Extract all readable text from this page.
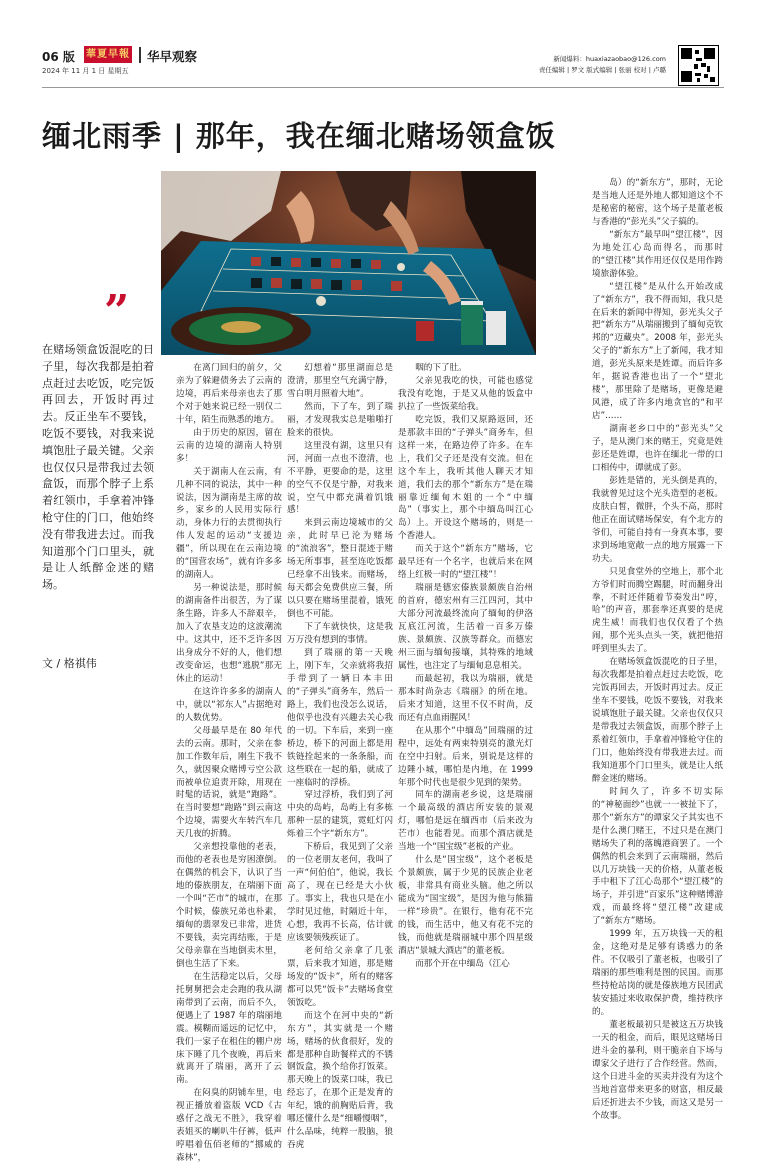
06 版 華夏早報 华早观察
2024 年 11 月 1 日 星期五
新闻爆料：huaxiazaobao@126.com
责任编辑 | 罗文 版式编辑 | 张丽 校对 | 卢璐
缅北雨季 | 那年，我在缅北赌场领盒饭
”
在赌场领盒饭混吃的日子里，每次我都是拍着点赶过去吃饭，吃完饭再回去，开饭时再过去。反正坐车不要钱，吃饭不要钱，对我来说填饱肚子最关键。父亲也仅仅只是带我过去领盒饭，而那个脖子上系着红领巾，手拿着冲锋枪守住的门口，他始终没有带我进去过。而我知道那个门口里头，就是让人纸醉金迷的赌场。
文 / 格祺伟

在离门回归的前夕，父亲为了躲避债务去了云南的边境，再后来母亲也去了那个对于她来说已经一别仅二十年，陌生而熟悉的地方。

由于历史的原因，留在云南的边境的湖南人特别多！

关于湖南人在云南，有几种不同的说法，其中一种说法，因为湖南是主席的故乡，家乡的人民用实际行动，身体力行的去贯彻执行伟人发起的运动“支援边疆”，所以现在在云南边境的“国营农场”，就有许多多的湖南人。

另一种说法是，那时候的湖南备件出很苦，为了谋条生路，许多人不辞艰辛，加入了农垦支边的这波潮流中。这其中，还不乏许多因出身成分不好的人，他们想改变命运，也想“逃脱”那无休止的运动！

在这许许多多的湖南人中，就以“祁东人”占据绝对的人数优势。

父母最早是在 80 年代去的云南。那时，父亲在参加工作数年后，刚生下我不久，就因聚众赌博亏空公款而被单位追责开除，用现在时髦的话说，就是“跑路”。在当时要想“跑路”到云南这个边境，需要火车转汽车几天几夜的折腾。

父亲想投靠他的老表，而他的老表也是穷困潦倒。在偶然的机会下，认识了当地的傣族朋友，在瑞丽下面一个叫“芒市”的城市，在那个时候，傣族兄弟也朴素，缅甸的翡翠发已非常，进货不要钱，卖完再结账，于是父母亲靠在当地倒卖木里，倒也生活了下来。

在生活稳定以后，父母托舅舅把会走会跑的我从湖南带到了云南，而后不久，便遇上了 1987 年的瑞丽地震。模糊而遥远的记忆中，我们一家子在租住的棚户房床下睡了几个夜晚，再后来就离开了瑞丽，离开了云南。

在闷臭的阴铺车里，电视正播放着盗版 VCD《古惑仔之战无不胜》，我穿着表姐买的喇叭牛仔裤，低声哼唱着伍佰老师的“挪威的森林”，

幻想着“那里湖面总是澄清，那里空气充满宁静，雪白明月照着大地”。

然而，下了车，到了瑞丽，才发现我实总是啪啪打脸来的很快。

这里没有湖，这里只有河，河面一点也不澄清，也不平静，更要命的是，这里的空气不仅是宁静，对我来说，空气中都充满着饥饿感！

来到云南边境城市的父亲，此时早已沦为赌场的“流浪客”，整日混迹于赌场无所事事，甚至连吃饭都已经拿不出钱来。而赌场，每天都会免费供应三餐，所以只要在赌场里混着，饿死倒也不可能。

下了车就快快，这是我万万没有想到的事情。

到了瑞丽的第一天晚上，刚下车，父亲就将我招手带到了一辆日本丰田的“子弹头”商务车，然后一路上，我们也没怎么说话，他似乎也没有兴趣去关心我的一切。下车后，来到一座桥边，桥下的河面上都是用铁链拴起来的一条条船，而这些联在一起的船，就成了一座临时的浮桥。

穿过浮桥，我们到了河中央的岛屿，岛屿上有多栋那种一层的建筑，霓虹灯闪烁着三个字“新东方”。

下桥后，我见到了父亲的一位老朋友老何，我叫了一声“何伯伯”，他说，我长高了，现在已经是大小伙了。事实上，我也只是在小学时见过他，时隔近十年，心想，我再不长高，估计就应该要领残疾证了。

老何给父亲拿了几张票，后来我才知道，那是赌场发的“饭卡”，所有的赌客都可以凭“饭卡”去赌场食堂领饭吃。

而这个在河中央的“新东方”，其实就是一个赌场，赌场的伙食很好，发的都是那种自助餐样式的不锈钢饭盒，换个给你打饭菜。那天晚上的饭菜口味，我已经忘了，在那个正是发育的年纪，饿的前胸贴后背，我哪还懂什么是“细嚼慢咽”，什么品味，纯粹一股脑，狼吞虎

咽的下了肚。

父亲见我吃的快，可能也感觉我没有吃饱，于是又从他的饭盒中扒拉了一些饭菜给我。

吃完饭，我们又原路返回，还是那款丰田的“子弹头”商务车，但这样一来，在路边停了许多。在车上，我们父子还是没有交流。但在这个车上，我听其他人聊天才知道，我们去的那个“新东方”是在瑞丽靠近缅甸木姐的一个“中缅岛”（事实上，那个中缅岛叫江心岛）上。开设这个赌场的，则是一个香港人。

而关于这个“新东方”赌场，它最早还有一个名字，也就后来在网络上红极一时的“望江楼”！

瑞丽是德宏傣族景颇族自治州的首府，德宏州有三江四河，其中大部分河流最终流向了缅甸的伊洛瓦底江河流，生活着一百多万傣族、景颇族、汉族等群众。而德宏州三面与缅甸接壤，其特殊的地域属性，也注定了与缅甸息息相关。

而最起初，我以为瑞丽，就是那本时尚杂志《瑞丽》的所在地。后来才知道，这里不仅不时尚，反而还有点血雨腥风！

在从那个“中缅岛”回瑞丽的过程中，远处有两束特别亮的激光灯在空中扫射。后来，别说是这样的边陲小城，哪怕是内地，在 1999 年那个时代也是很少见到的架势。

同车的湖南老乡说，这是瑞丽一个最高级的酒店所安装的景观灯，哪怕是远在缅西市（后来改为芒市）也能看见。而那个酒店就是当地一个“国宝级”老板的产业。

什么是“国宝级”，这个老板是个景颇族，属于少见的民族企业老板，非常具有商业头脑。他之所以能成为“国宝级”，是因为他与熊猫一样“珍贵”。在银行，他有花不完的钱，而生活中，他又有花不完的钱，而他就是瑞丽城中那个四星级酒店“景城大酒店”的董老板。

而那个开在中缅岛（江心

岛）的“新东方”，那时，无论是当地人还是外地人都知道这个不是秘密的秘密，这个场子是董老板与香港的“彭光头”父子搞的。

“新东方”最早叫“望江楼”，因为地处江心岛而得名，而那时的“望江楼”其作用还仅仅是用作跨境旅游体验。

“望江楼”是从什么开始改成了“新东方”，我不得而知，我只是在后来的新闻中得知，彭光头父子把“新东方”从瑞丽搬到了缅甸克钦邦的“迈藏央”。2008 年，彭光头父子的“新东方”上了新闻，我才知道，彭光头原来是姓谭。而后许多年，据说香港也出了一个“望北楼”，那里除了是赌场，更像是避风港，成了许多内地贪官的“和平店”……

湖南老乡口中的“彭光头”父子，是从澳门来的赌王，究竟是姓彭还是姓谭，也许在缅北一带的口口相传中，谭就成了彭。

彭姓是错的，光头倒是真的，我就曾见过这个光头造型的老板。皮肤白皙，微胖，个头不高，那时他正在面试赌场保安，有个北方的爷们，可能自持有一身真本事，要求到场地宽敞一点的地方展露一下功夫。

只见食堂外的空地上，那个北方爷们时而腾空踢腿，时而翻身出拳，不时还伴随着节奏发出“哼，哈”的声音，那套拳还真要的是虎虎生威！而我们也仅仅看了个热闹，那个光头点头一笑，就把他招呼到里头去了。

在赌场领盒饭混吃的日子里，每次我都是拍着点赶过去吃饭，吃完饭再回去，开饭时再过去。反正坐车不要钱，吃饭不要钱，对我来说填饱肚子最关键。父亲也仅仅只是带我过去领盒饭，而那个脖子上系着红领巾，手拿着冲锋枪守住的门口，他始终没有带我进去过。而我知道那个门口里头，就是让人纸醉金迷的赌场。

时间久了，许多不切实际的“神秘面纱”也就一一被扯下了，那个“新东方”的谭家父子其实也不是什么澳门赌王，不过只是在澳门赌场失了利的落魄港商罢了。一个偶然的机会来到了云南瑞丽，然后以几万块钱一天的价格，从董老板手中租下了江心岛那个“望江楼”的场子，并引进“百家乐”这种赌博游戏，而最终将“望江楼”改建成了“新东方”赌场。

1999 年，五万块钱一天的租金，这绝对是足够有诱惑力的条件。不仅吸引了董老板，也吸引了瑞丽的那些唯利是图的民国。而那些持枪站岗的就是傣族地方民团武装安插过来收取保护费，维持秩序的。

董老板最初只是被这五万块钱一天的租金，而后，眼见这赌场日进斗金的暴利，则干脆亲自下场与谭家父子进行了合作经营。然而，这个日进斗金的买卖并没有为这个当地首富带来更多的财富，相反最后还折进去不少钱，而这又是另一个故事。
